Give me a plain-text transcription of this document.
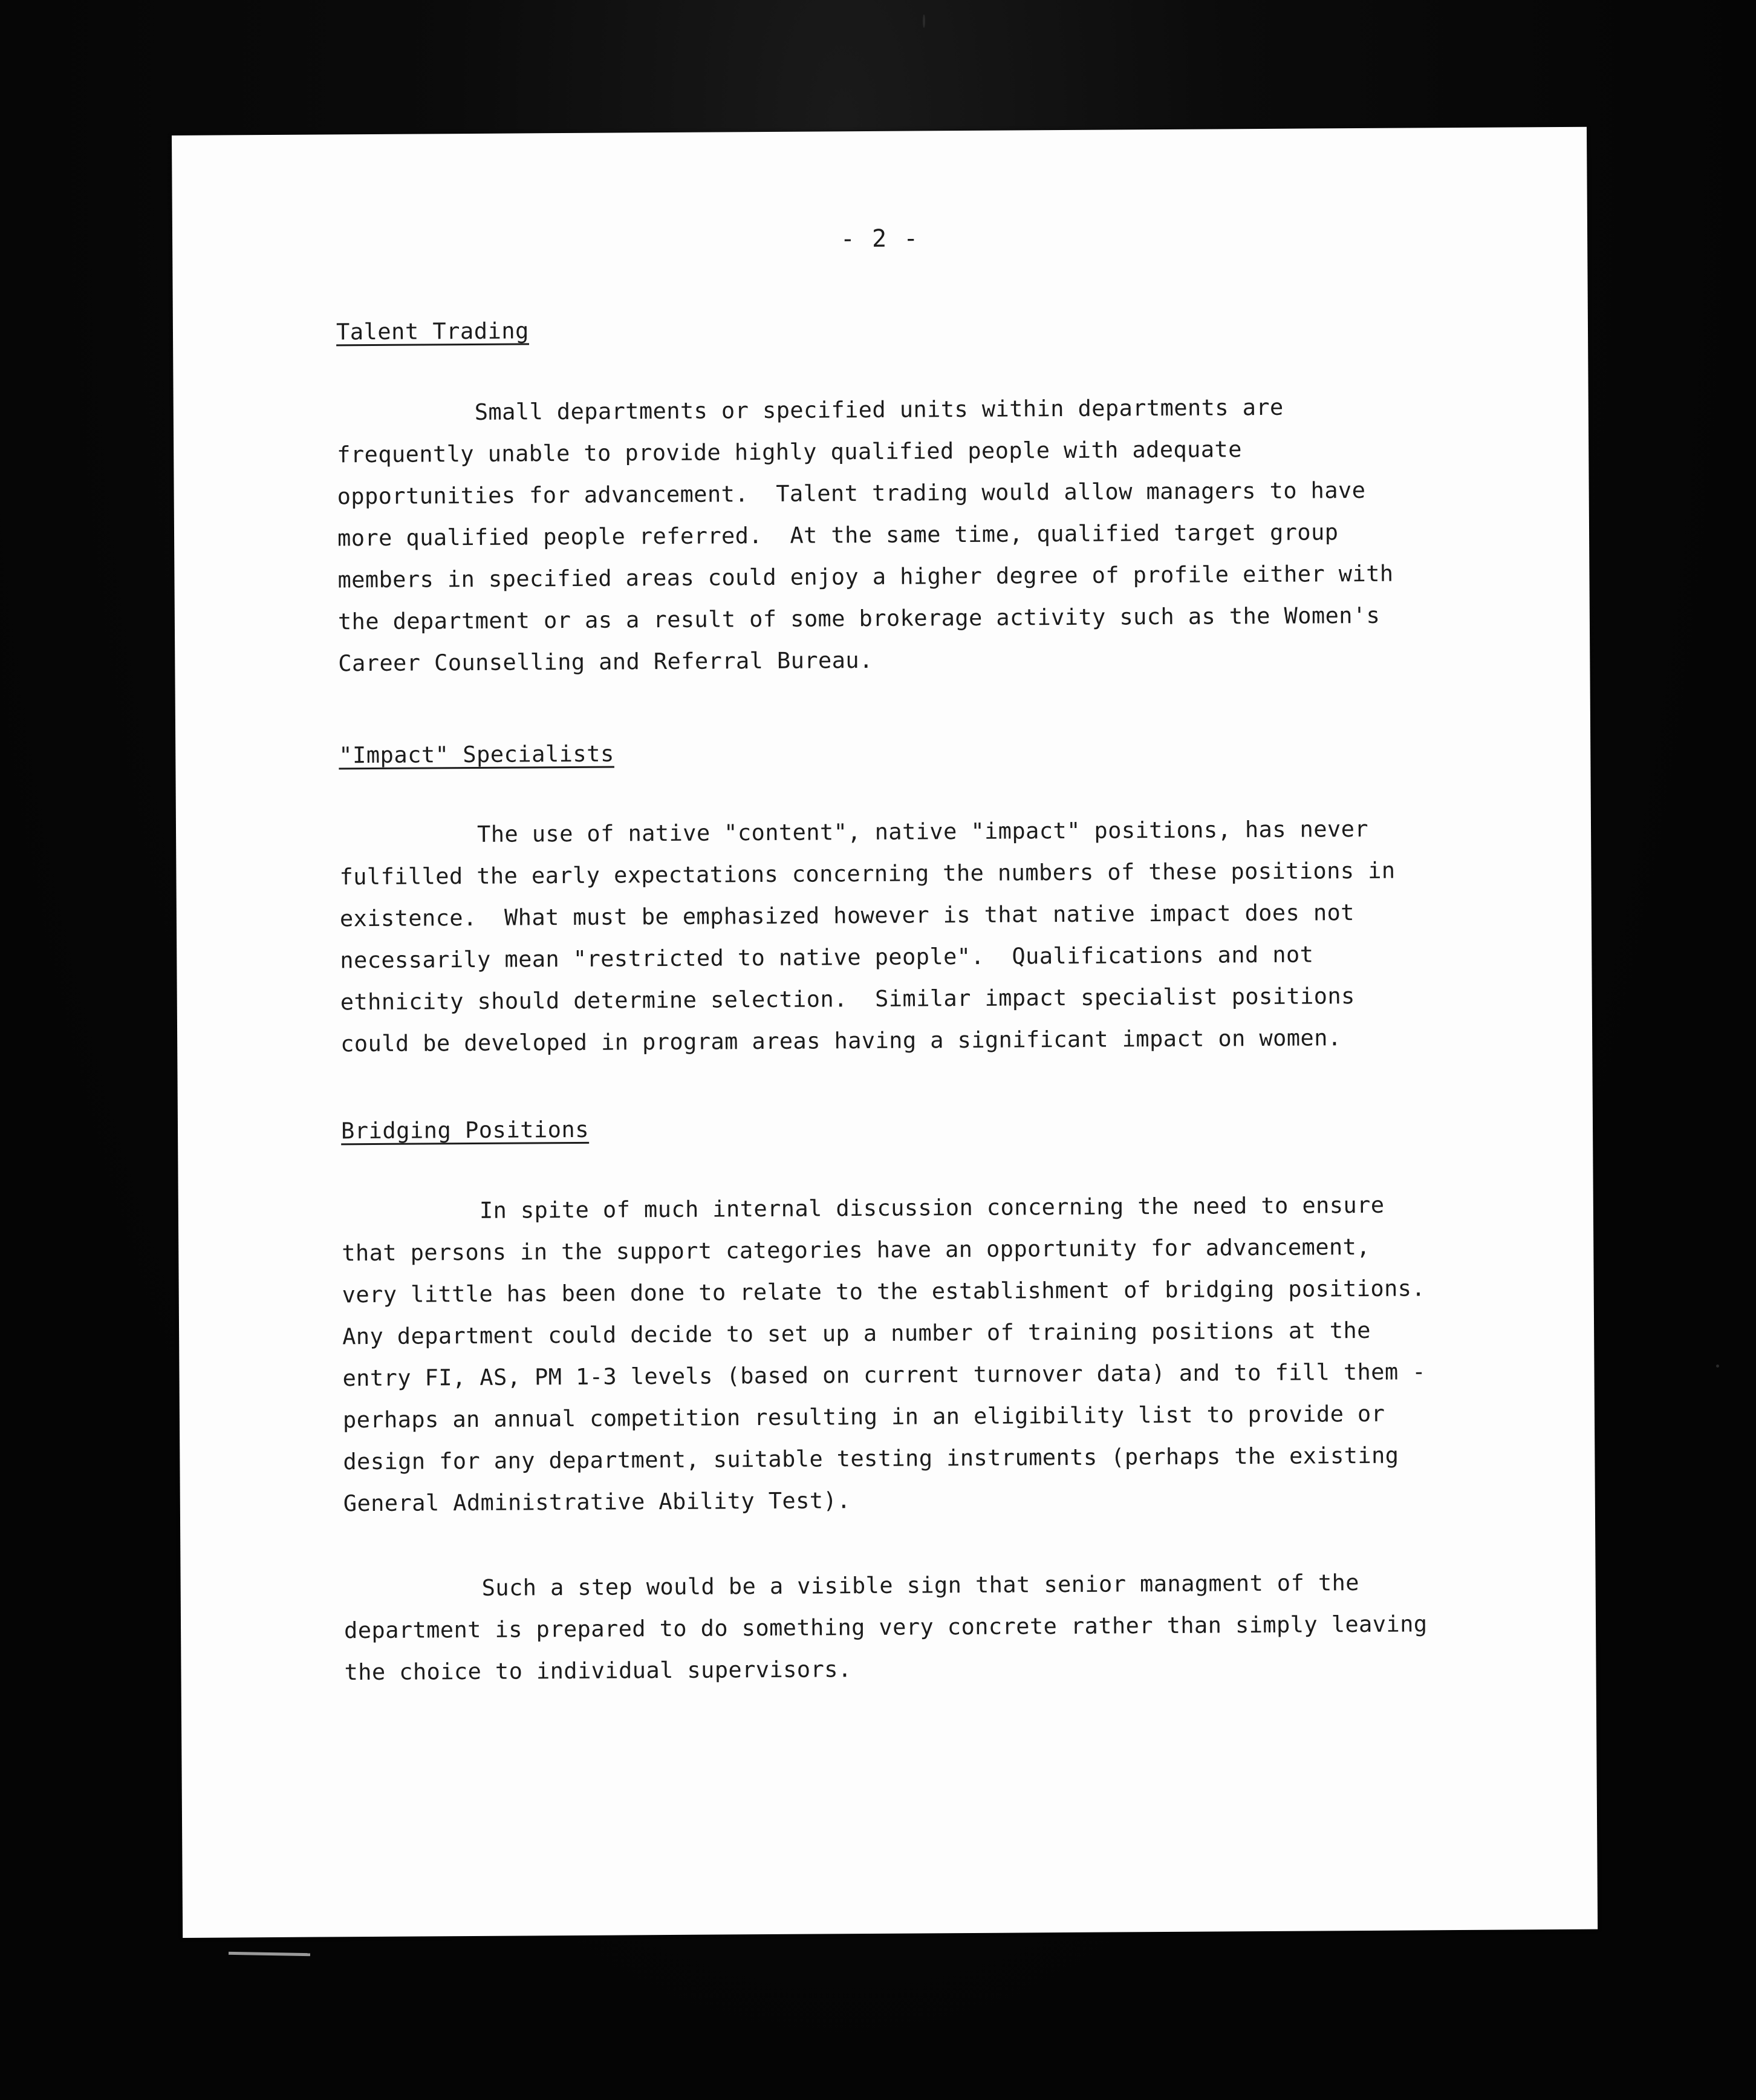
- 2 -
Talent Trading
Small departments or specified units within departments are
frequently unable to provide highly qualified people with adequate
opportunities for advancement.  Talent trading would allow managers to have
more qualified people referred.  At the same time, qualified target group
members in specified areas could enjoy a higher degree of profile either with
the department or as a result of some brokerage activity such as the Women's
Career Counselling and Referral Bureau.
"Impact" Specialists
The use of native "content", native "impact" positions, has never
fulfilled the early expectations concerning the numbers of these positions in
existence.  What must be emphasized however is that native impact does not
necessarily mean "restricted to native people".  Qualifications and not
ethnicity should determine selection.  Similar impact specialist positions
could be developed in program areas having a significant impact on women.
Bridging Positions
In spite of much internal discussion concerning the need to ensure
that persons in the support categories have an opportunity for advancement,
very little has been done to relate to the establishment of bridging positions.
Any department could decide to set up a number of training positions at the
entry FI, AS, PM 1-3 levels (based on current turnover data) and to fill them -
perhaps an annual competition resulting in an eligibility list to provide or
design for any department, suitable testing instruments (perhaps the existing
General Administrative Ability Test).
Such a step would be a visible sign that senior managment of the
department is prepared to do something very concrete rather than simply leaving
the choice to individual supervisors.
